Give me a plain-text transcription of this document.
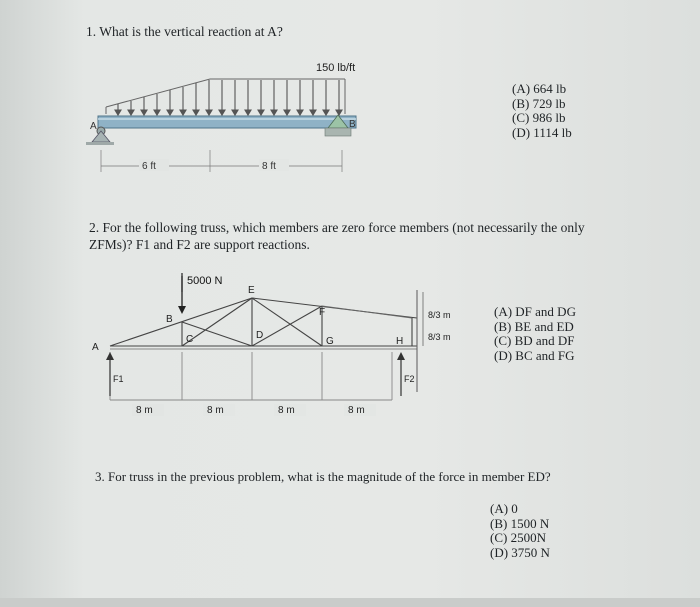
1. What is the vertical reaction at A?
150 lb/ft
A	B
6 ft	8 ft
(A) 664 lb
(B) 729 lb
(C) 986 lb
(D) 1114 lb
2. For the following truss, which members are zero force members (not necessarily the only
ZFMs)? F1 and F2 are support reactions.
5000 N
A
B
C	D
E
F
G	H
F1	F2
8/3 m
8/3 m
8 m	8 m	8 m	8 m
(A) DF and DG
(B) BE and ED
(C) BD and DF
(D) BC and FG
3. For truss in the previous problem, what is the magnitude of the force in member ED?
(A) 0
(B) 1500 N
(C) 2500N
(D) 3750 N
